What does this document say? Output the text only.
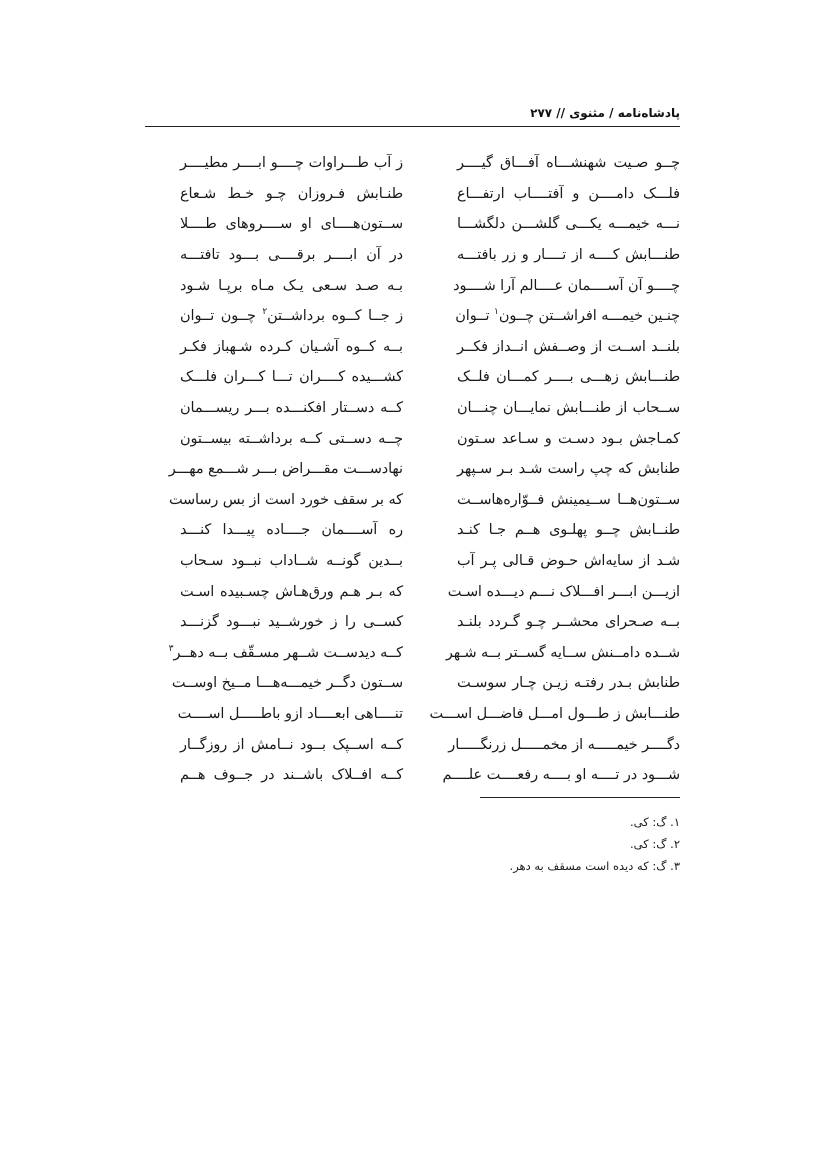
پادشاه‌نامه / مثنوی // ۲۷۷
چــو صـیت شهنشـــاه آفـــاق گیــــر
ز آب طـــراوات چــــو ابــــر مطیــــر
فلـــک دامــــن و آفتــــاب ارتفـــاع
طنـابش فـروزان چـو خـط شـعاع
نـــه خیمـــه یکـــی گلشـــن دلگشـــا
ســتون‌هــــای او ســــروهای طــــلا
طنـــابش کــــه از تــــار و زر بافتـــه
در آن ابــــر برقــــی بـــود تافتـــه
چــــو آن آســــمان عــــالم آرا شــــود
بـه صـد سـعی یـک مـاه برپـا شـود
چنـین خیمـــه افراشــتن چــون$^۱$ تــوان
ز جــا کــوه برداشــتن$^۲$ چــون تــوان
بلنــد اســت از وصــفش انــداز فکــر
بــه کــوه آشـیان کـرده شـهباز فکـر
طنـــابش زهـــی بــــر کمـــان فلــک
کشـــیده کــــران تـــا کـــران فلـــک
ســحاب از طنـــابش نمایـــان چنـــان
کــه دســتار افکنـــده بـــر ریســـمان
کمـاجش بـود دسـت و سـاعد سـتون
چــه دســتی کــه برداشــته بیســتون
طنابش که چپ راست شـد بـر سـپهر
نهادســـت مقـــراض بـــر شـــمع مهـــر
ســتون‌هــا ســیمینش فــوّاره‌هاســت
که بر سقف خورد است از بس رساست
طنــابش چــو پهلـوی هــم جـا کنـد
ره آســــمان جــــاده پیـــدا کنـــد
شـد از سایه‌اش حـوض قـالی پـر آب
بــدین گونــه شــاداب نبــود سـحاب
ازیـــن ابـــر افـــلاک نـــم دیـــده اسـت
که بـر هـم ورق‌هـاش چسـبیده اسـت
بــه صـحرای محشــر چـو گـردد بلنـد
کســی را ز خورشــید نبـــود گزنـــد
شــده دامــنش ســایه گســتر بــه شـهر
کــه دیدســت شــهر مسـقّف بــه دهــر$^۳$
طنابش بـدر رفتـه زیـن چـار سوسـت
ســتون دگــر خیمـــه‌هـــا مــیخ اوســت
طنـــابش ز طـــول امـــل فاضـــل اســـت
تنــــاهی ابعــــاد ازو باطـــــل اســــت
دگــــر خیمـــــه از مخمـــــل زرنگـــــار
کــه اســپک بــود نــامش از روزگــار
شـــود در تــــه او بــــه رفعــــت علــــم
کــه افــلاک باشــند در جــوف هــم
۱. گ: کی.
۲. گ: کی.
۳. گ: که دیده است مسقف به دهر.
